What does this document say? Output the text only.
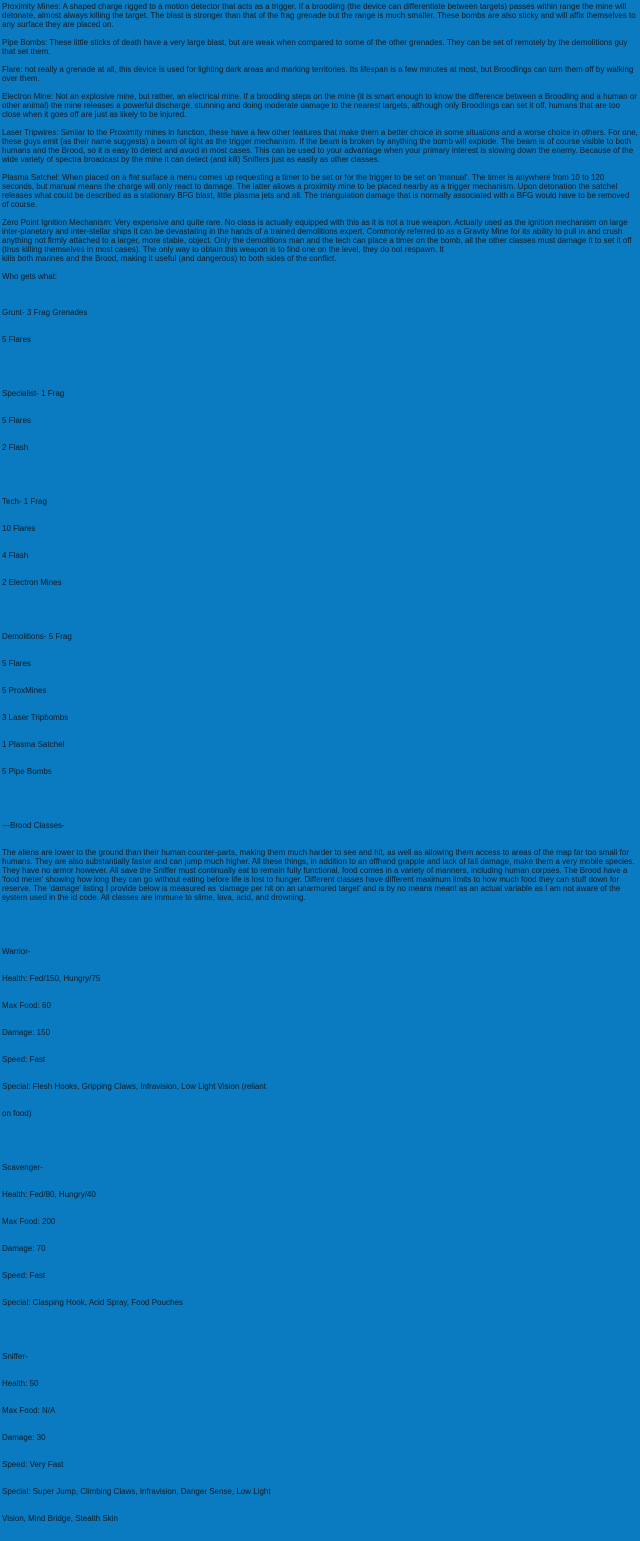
Proximity Mines: A shaped charge rigged to a motion detector that acts as a trigger. If a broodling (the device can differentiate between targets) passes within range the mine will detonate, almost always killing the target. The blast is stronger than that of the frag grenade but the range is much smaller. These bombs are also sticky and will affix themselves to any surface they are placed on.
Pipe Bombs: These little sticks of death have a very large blast, but are weak when compared to some of the other grenades. They can be set of remotely by the demolitions guy that set them.
Flare: not really a grenade at all, this device is used for lighting dark areas and marking territories. Its lifespan is a few minutes at most, but Broodlings can turn them off by walking over them.
Electron Mine: Not an explosive mine, but rather, an electrical mine. If a broodling steps on the mine (it is smart enough to know the difference between a Broodling and a human or other animal) the mine releases a powerful discharge, stunning and doing moderate damage to the nearest targets, although only Broodlings can set it off, humans that are too close when it goes off are just as likely to be injured.
Laser Tripwires: Similar to the Proximity mines in function, these have a few other features that make them a better choice in some situations and a worse choice in others. For one, these guys emit (as their name suggests) a beam of light as the trigger mechanism. If the beam is broken by anything the bomb will explode. The beam is of course visible to both humans and the Brood, so it is easy to detect and avoid in most cases. This can be used to your advantage when your primary interest is slowing down the enemy. Because of the wide variety of spectra broadcast by the mine it can detect (and kill) Sniffers just as easily as other classes.
Plasma Satchel: When placed on a flat surface a menu comes up requesting a timer to be set or for the trigger to be set on 'manual'. The timer is anywhere from 10 to 120 seconds, but manual means the charge will only react to damage. The latter allows a proximity mine to be placed nearby as a trigger mechanism. Upon detonation the satchel releases what could be described as a stationary BFG blast, little plasma jets and all. The triangulation damage that is normally associated with a BFG would have to be removed of course.
Zero Point Ignition Mechanism: Very expensive and quite rare. No class is actually equipped with this as it is not a true weapon. Actually used as the ignition mechanism on large inter-planetary and inter-stellar ships it can be devastating in the hands of a trained demolitions expert. Commonly referred to as a Gravity Mine for its ability to pull in and crush anything not firmly attached to a larger, more stable, object. Only the demolitions man and the tech can place a timer on the bomb, all the other classes must damage it to set it off (thus killing themselves in most cases). The only way to obtain this weapon is to find one on the level, they do not respawn. It
kills both marines and the Brood, making it useful (and dangerous) to both sides of the conflict.
Who gets what:

Grunt- 3 Frag Grenades

5 Flares

Specialist- 1 Frag

5 Flares

2 Flash

Tech- 1 Frag

10 Flares

4 Flash

2 Electron Mines

Demolitions- 5 Frag

5 Flares

5 ProxMines

3 Laser Tripbombs

1 Plasma Satchel

5 Pipe Bombs

---Brood Classes-

The aliens are lower to the ground than their human counter-parts, making them much harder to see and hit, as well as allowing them access to areas of the map far too small for humans. They are also substantially faster and can jump much higher. All these things, in addition to an offhand grapple and lack of fall damage, make them a very mobile species. They have no armor however. All save the Sniffer must continually eat to remain fully functional, food comes in a variety of manners, including human corpses. The Brood have a 'food meter' showing how long they can go without eating before life is lost to hunger. Different classes have different maximum limits to how much food they can stuff down for reserve. The 'damage' listing I provide below is measured as 'damage per hit on an unarmored target' and is by no means meant as an actual variable as I am not aware of the system used in the id code. All classes are immune to slime, lava, acid, and drowning.

Warrior-

Health: Fed/150, Hungry/75

Max Food: 60

Damage: 150

Speed: Fast

Special: Flesh Hooks, Gripping Claws, Infravision, Low Light Vision (reliant

on food)

Scavenger-

Health: Fed/80, Hungry/40

Max Food: 200

Damage: 70

Speed: Fast

Special: Clasping Hook, Acid Spray, Food Pouches

Sniffer-

Health: 50

Max Food: N/A

Damage: 30

Speed: Very Fast

Special: Super Jump, Climbing Claws, Infravision, Danger Sense, Low Light

Vision, Mind Bridge, Stealth Skin
